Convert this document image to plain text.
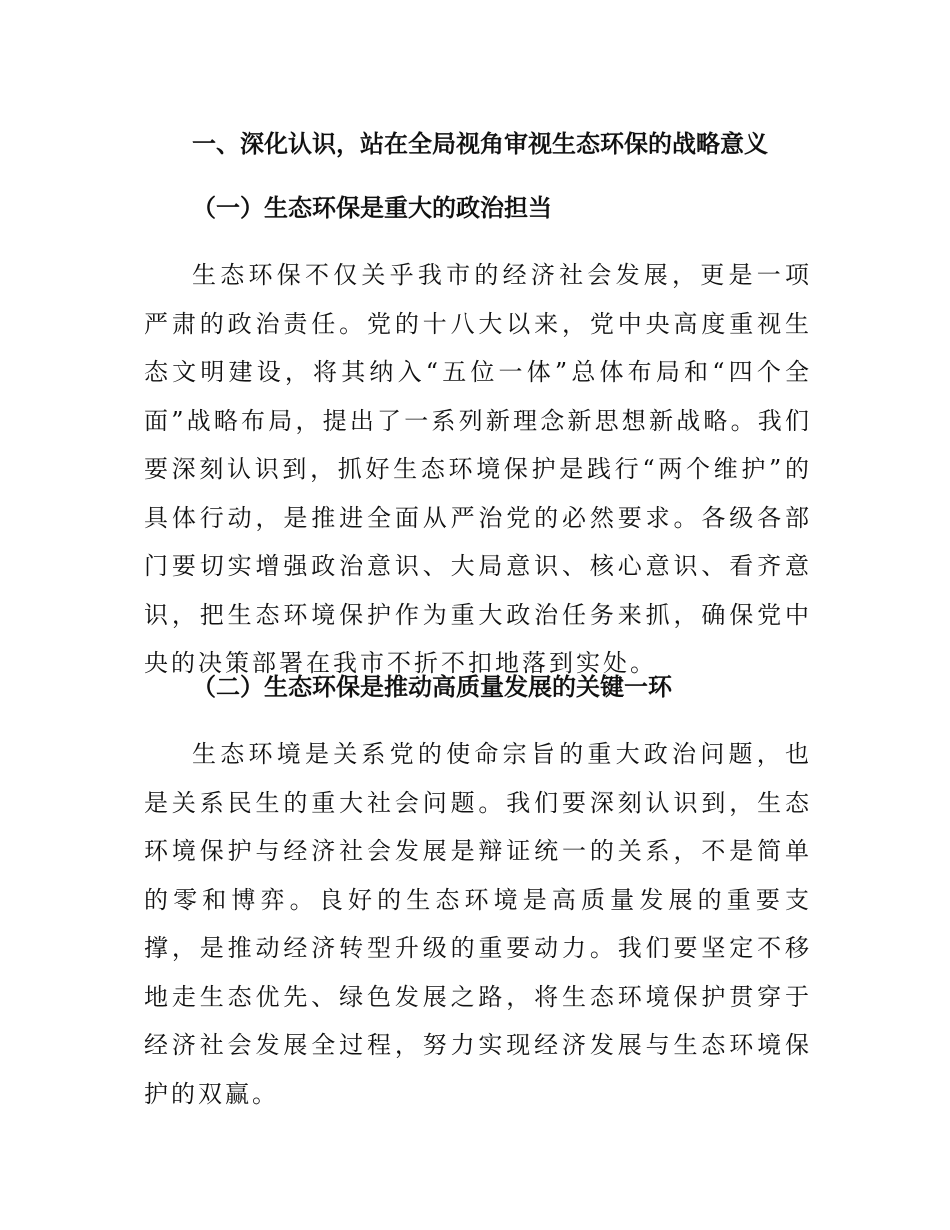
一、深化认识，站在全局视角审视生态环保的战略意义
（一）生态环保是重大的政治担当

生态环保不仅关乎我市的经济社会发展，更是一项严肃的政治责任。党的十八大以来，党中央高度重视生态文明建设，将其纳入“五位一体”总体布局和“四个全面”战略布局，提出了一系列新理念新思想新战略。我们要深刻认识到，抓好生态环境保护是践行“两个维护”的具体行动，是推进全面从严治党的必然要求。各级各部门要切实增强政治意识、大局意识、核心意识、看齐意识，把生态环境保护作为重大政治任务来抓，确保党中央的决策部署在我市不折不扣地落到实处。

（二）生态环保是推动高质量发展的关键一环

生态环境是关系党的使命宗旨的重大政治问题，也是关系民生的重大社会问题。我们要深刻认识到，生态环境保护与经济社会发展是辩证统一的关系，不是简单的零和博弈。良好的生态环境是高质量发展的重要支撑，是推动经济转型升级的重要动力。我们要坚定不移地走生态优先、绿色发展之路，将生态环境保护贯穿于经济社会发展全过程，努力实现经济发展与生态环境保护的双赢。
